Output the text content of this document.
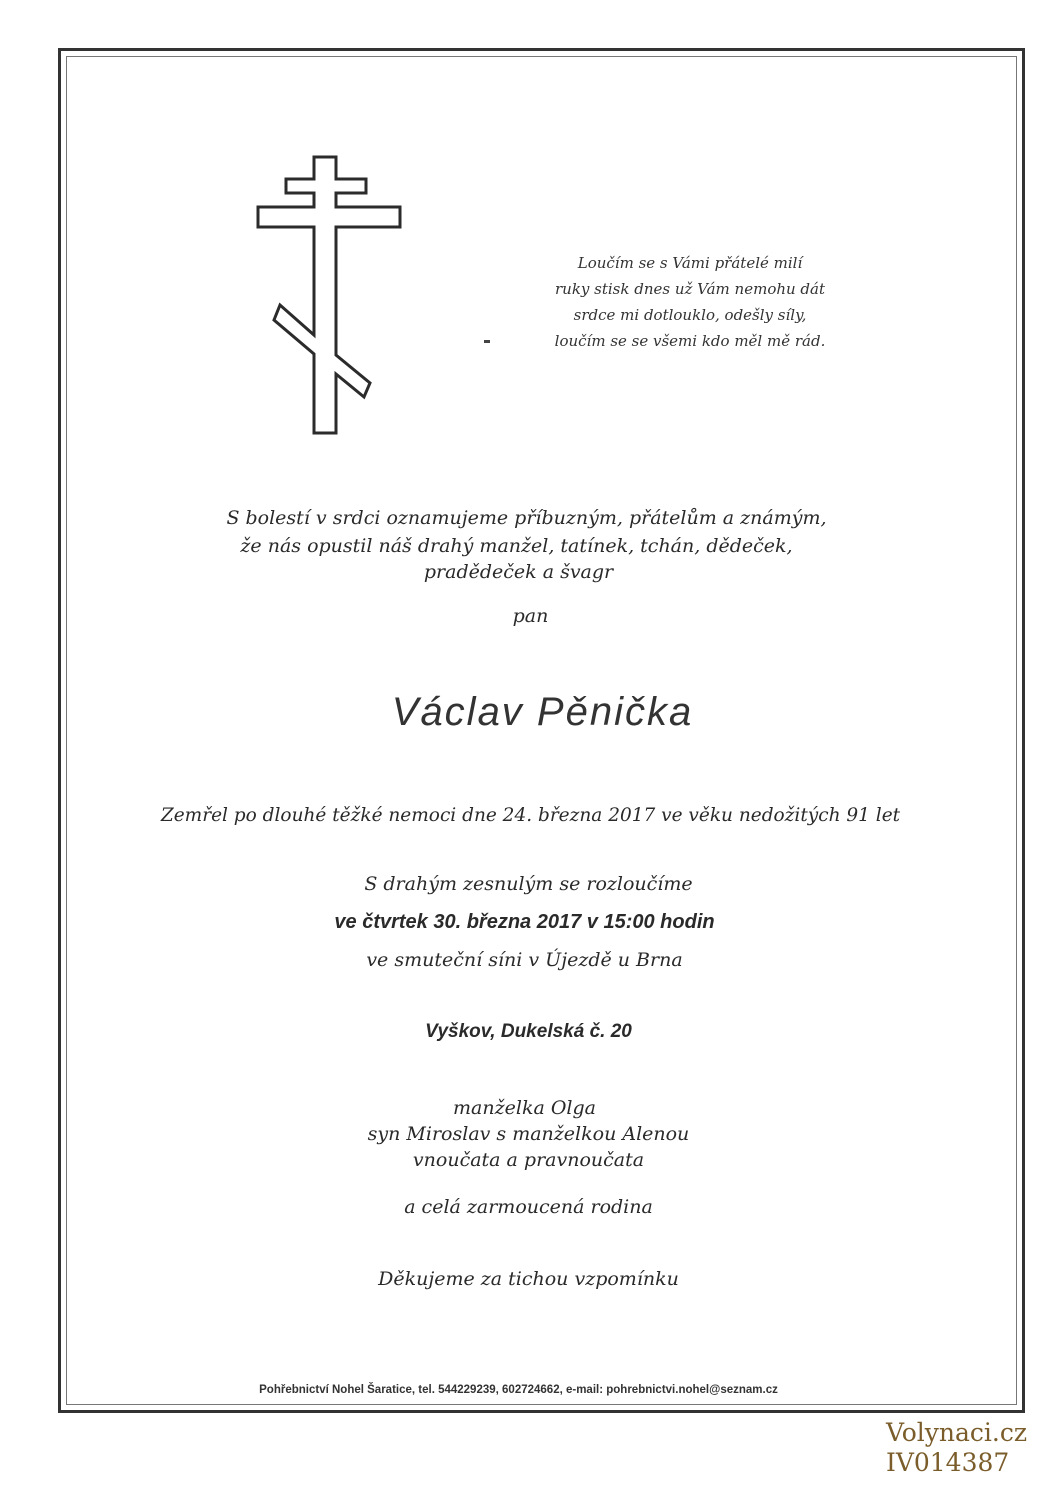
Loučím se s Vámi přátelé milí
ruky stisk dnes už Vám nemohu dát
srdce mi dotlouklo, odešly síly,
loučím se se všemi kdo měl mě rád.
S bolestí v srdci oznamujeme příbuzným, přátelům a známým,
že nás opustil náš drahý manžel, tatínek, tchán, dědeček,
pradědeček a švagr
pan
Václav Pěnička
Zemřel po dlouhé těžké nemoci dne 24. března 2017 ve věku nedožitých 91 let
S drahým zesnulým se rozloučíme
ve čtvrtek 30. března 2017 v 15:00 hodin
ve smuteční síni v Újezdě u Brna
Vyškov, Dukelská č. 20
manželka Olga
syn Miroslav s manželkou Alenou
vnoučata a pravnoučata
a celá zarmoucená rodina
Děkujeme za tichou vzpomínku
Pohřebnictví Nohel Šaratice, tel. 544229239, 602724662, e-mail: pohrebnictvi.nohel@seznam.cz
Volynaci.cz
IV014387
